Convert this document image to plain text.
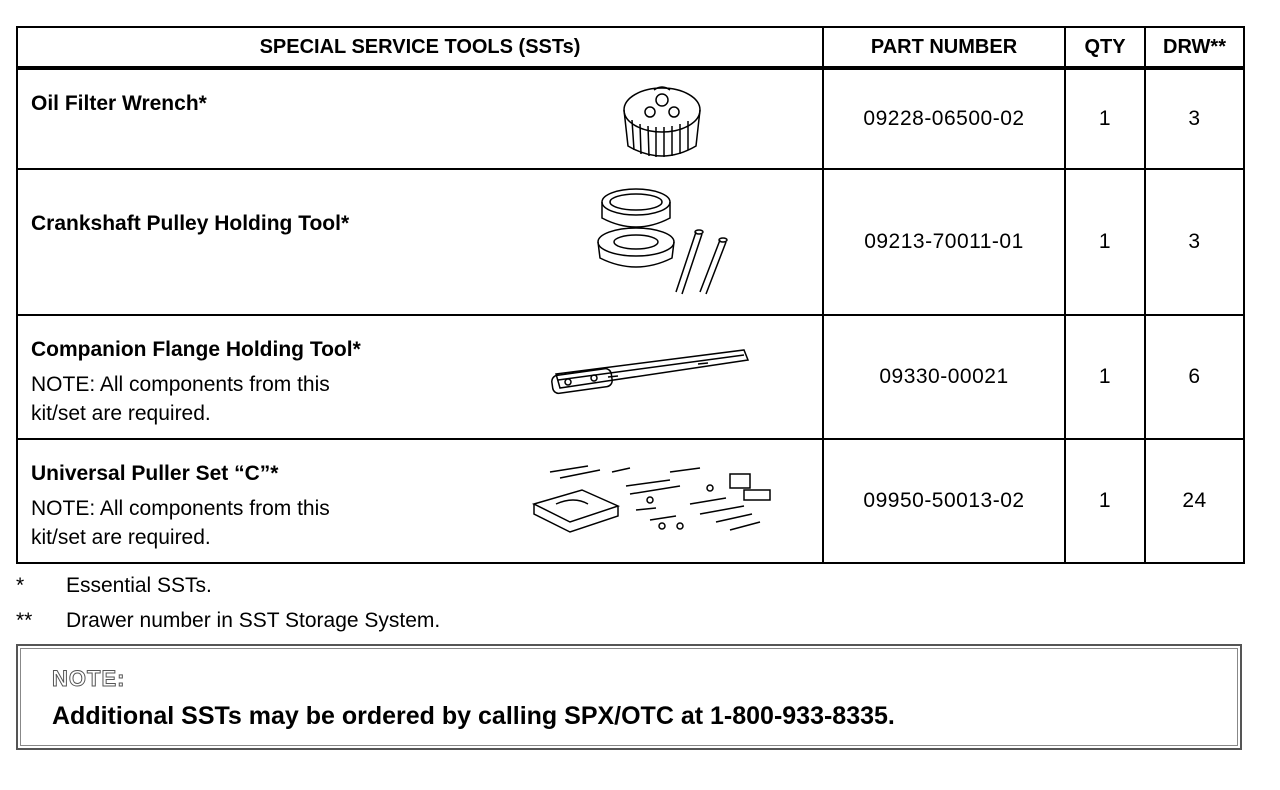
SPECIAL SERVICE TOOLS (SSTs)	PART NUMBER	QTY	DRW**

Oil Filter Wrench*	09228-06500-02	1	3

Crankshaft Pulley Holding Tool*	09213-70011-01	1	3

Companion Flange Holding Tool*
NOTE: All components from this
kit/set are required.	09330-00021	1	6

Universal Puller Set “C”*
NOTE: All components from this
kit/set are required.	09950-50013-02	1	24
* Essential SSTs.
** Drawer number in SST Storage System.
NOTE:
Additional SSTs may be ordered by calling SPX/OTC at 1-800-933-8335.
